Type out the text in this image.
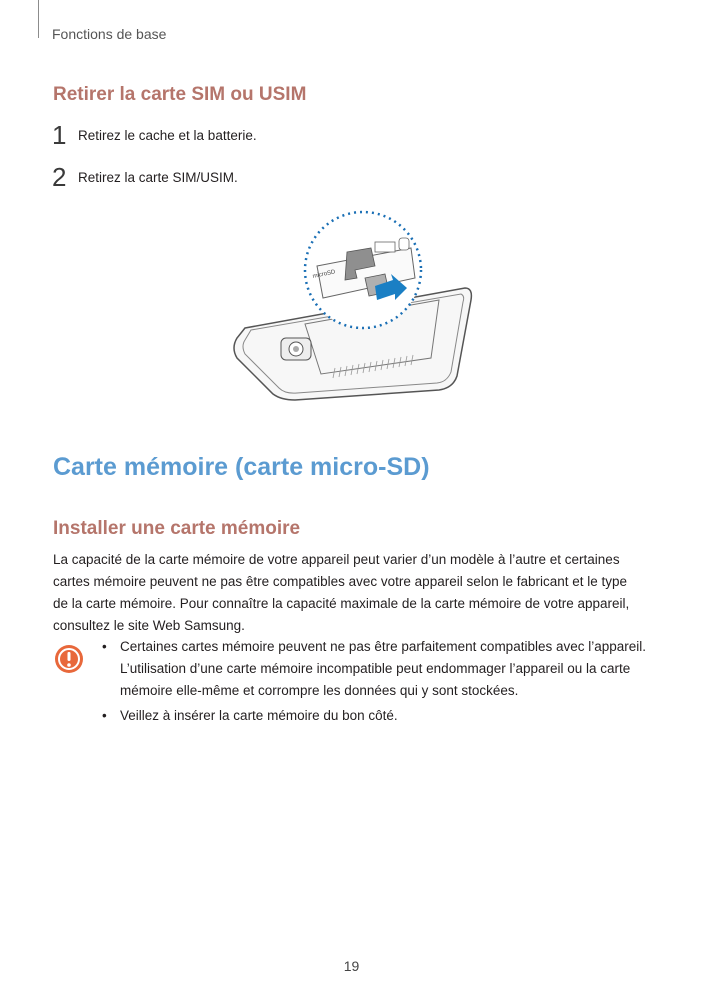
Fonctions de base
Retirer la carte SIM ou USIM
1 Retirez le cache et la batterie.
2 Retirez la carte SIM/USIM.
microSD
Carte mémoire (carte micro-SD)
Installer une carte mémoire

La capacité de la carte mémoire de votre appareil peut varier d’un modèle à l’autre et certaines cartes mémoire peuvent ne pas être compatibles avec votre appareil selon le fabricant et le type de la carte mémoire. Pour connaître la capacité maximale de la carte mémoire de votre appareil, consultez le site Web Samsung.

• Certaines cartes mémoire peuvent ne pas être parfaitement compatibles avec l’appareil. L’utilisation d’une carte mémoire incompatible peut endommager l’appareil ou la carte mémoire elle-même et corrompre les données qui y sont stockées.
• Veillez à insérer la carte mémoire du bon côté.
19
